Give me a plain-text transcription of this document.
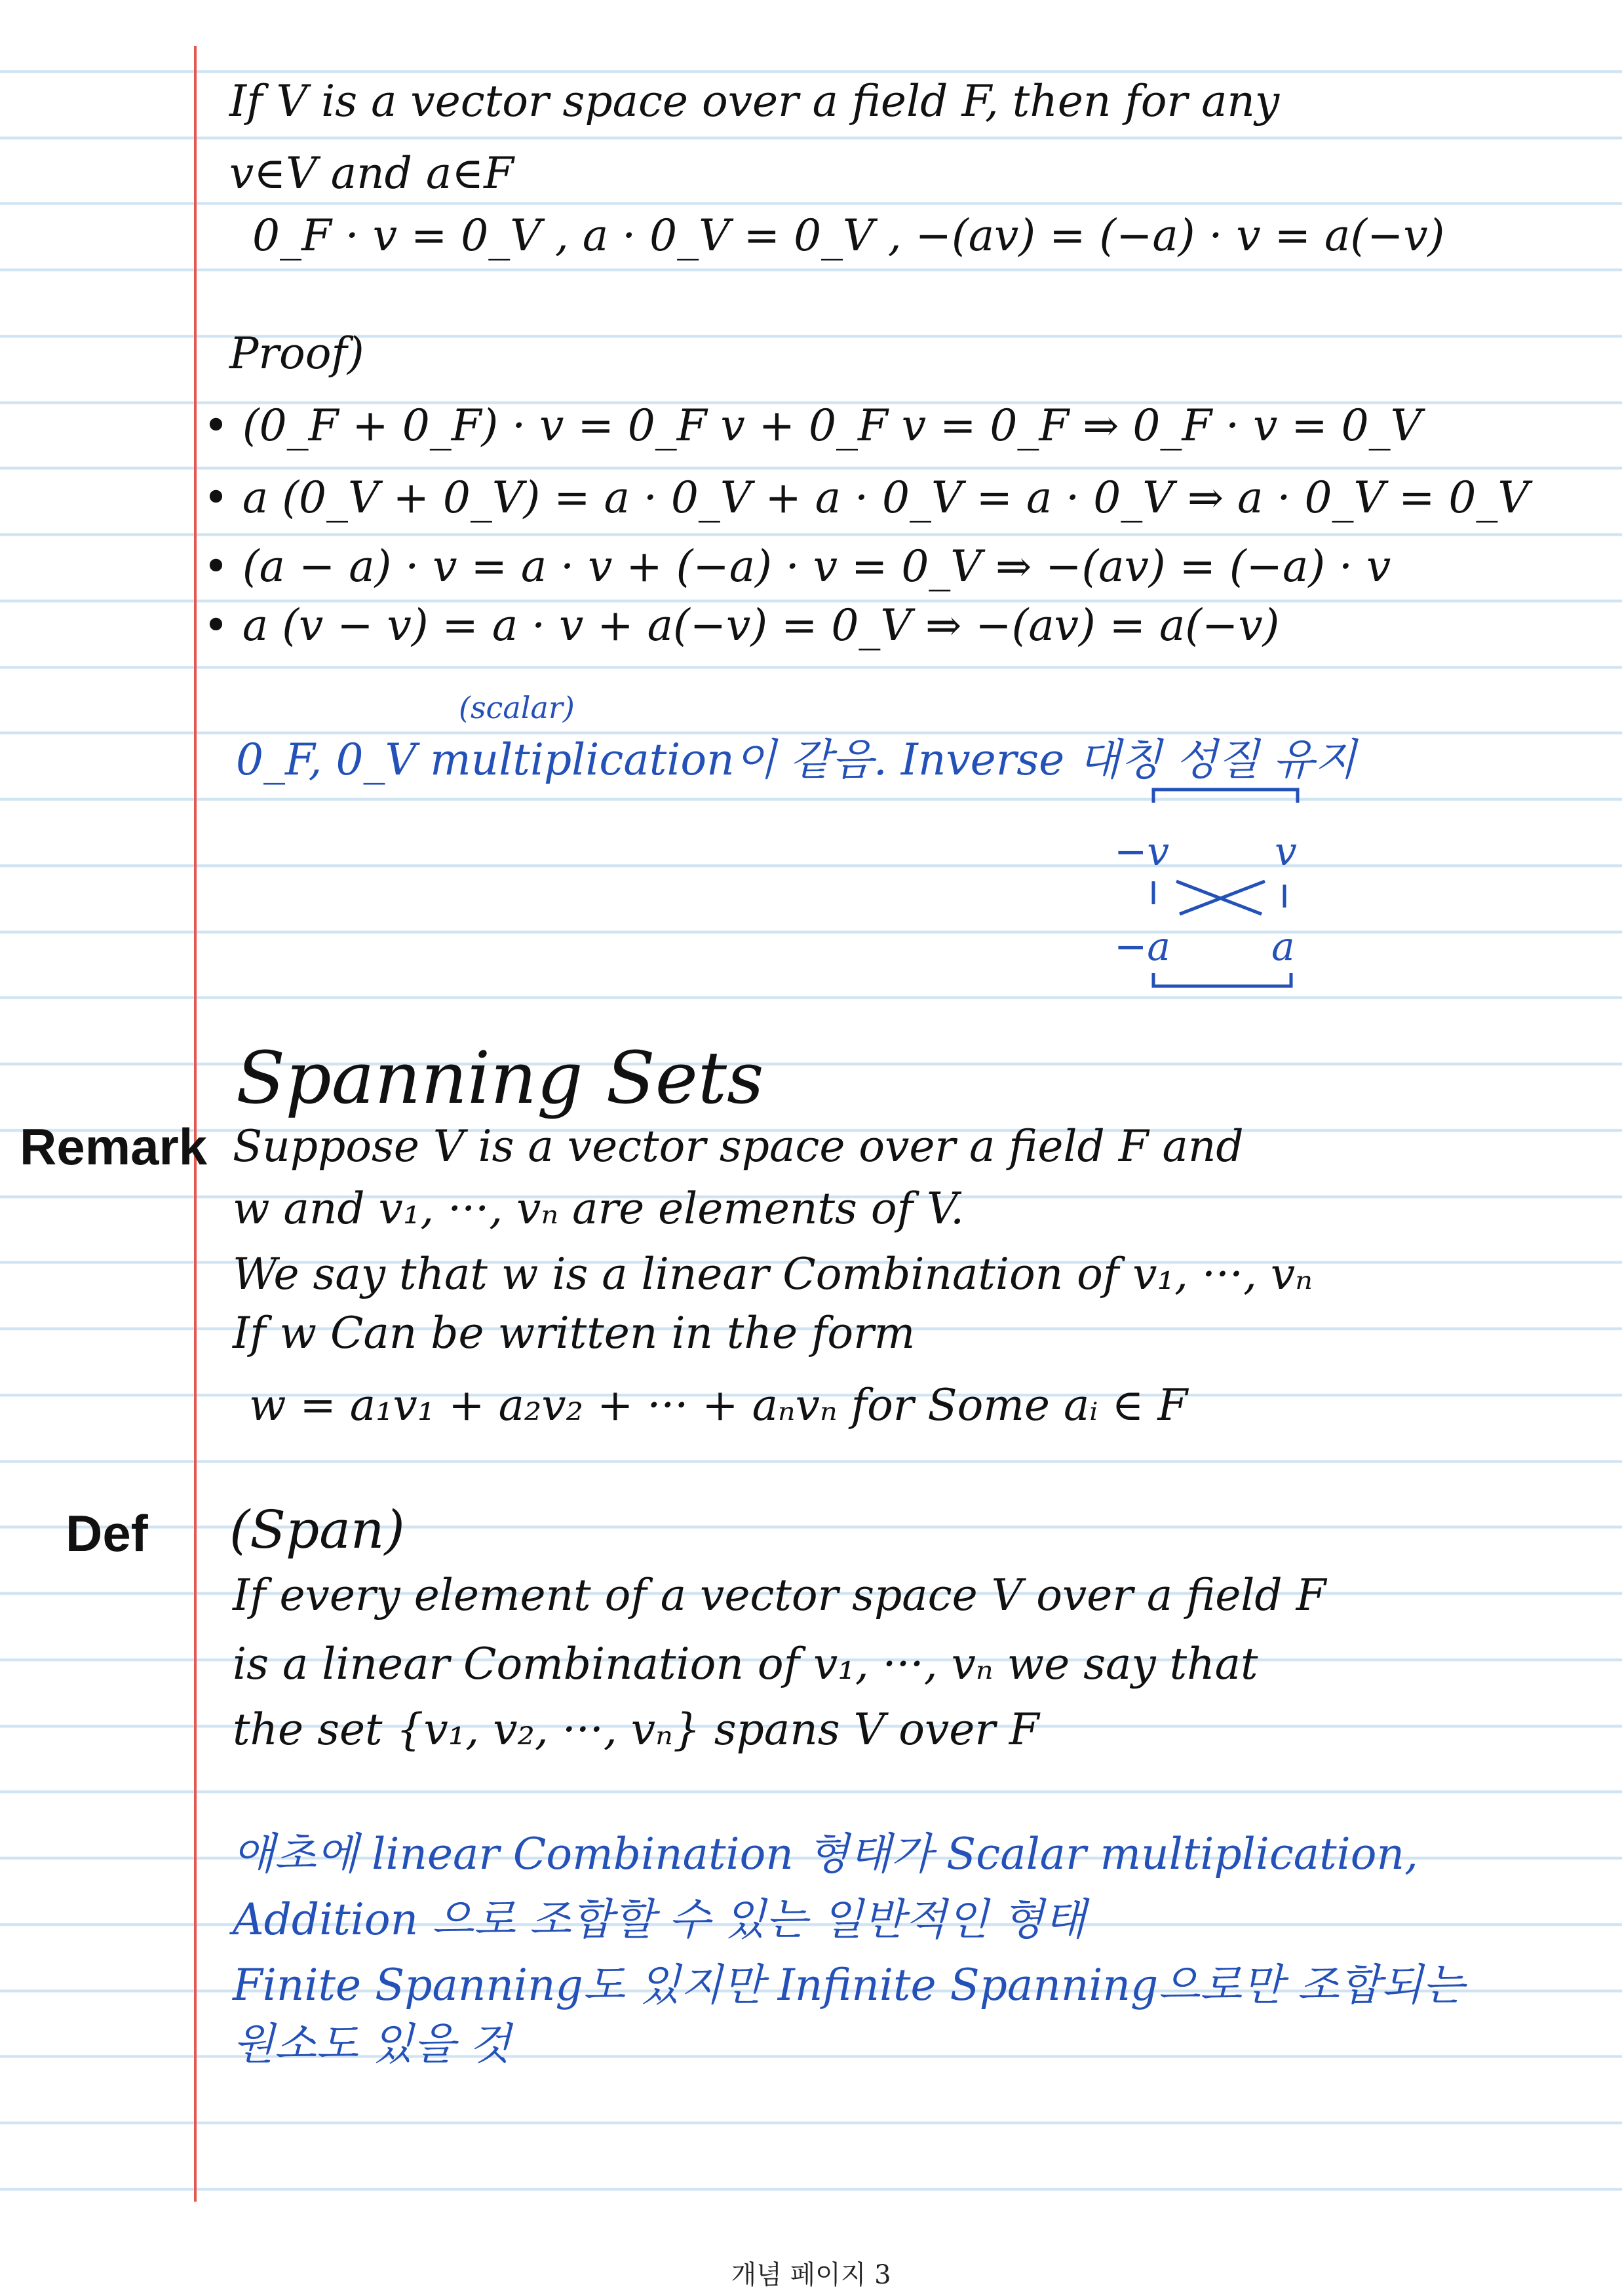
If V is a vector space over a field F, then for any
v∈V and a∈F
0_F · v = 0_V , a · 0_V = 0_V , −(av) = (−a) · v = a(−v)
Proof)
• (0_F + 0_F) · v = 0_F v + 0_F v = 0_F ⇒ 0_F · v = 0_V
• a (0_V + 0_V) = a · 0_V + a · 0_V = a · 0_V ⇒ a · 0_V = 0_V
• (a − a) · v = a · v + (−a) · v = 0_V ⇒ −(av) = (−a) · v
• a (v − v) = a · v + a(−v) = 0_V ⇒ −(av) = a(−v)
(scalar)
0_F, 0_V multiplication이 같음. Inverse 대칭 성질 유지
−v	v
−a	a
Spanning Sets
Remark Suppose V is a vector space over a field F and
w and v₁, ···, vₙ are elements of V.
We say that w is a linear Combination of v₁, ···, vₙ
If w Can be written in the form
w = a₁v₁ + a₂v₂ + ··· + aₙvₙ for Some aᵢ ∈ F
Def (Span)
If every element of a vector space V over a field F
is a linear Combination of v₁, ···, vₙ we say that
the set {v₁, v₂, ···, vₙ} spans V over F
애초에 linear Combination 형태가 Scalar multiplication,
Addition 으로 조합할 수 있는 일반적인 형태
Finite Spanning도 있지만 Infinite Spanning으로만 조합되는
원소도 있을 것
개념 페이지 3
